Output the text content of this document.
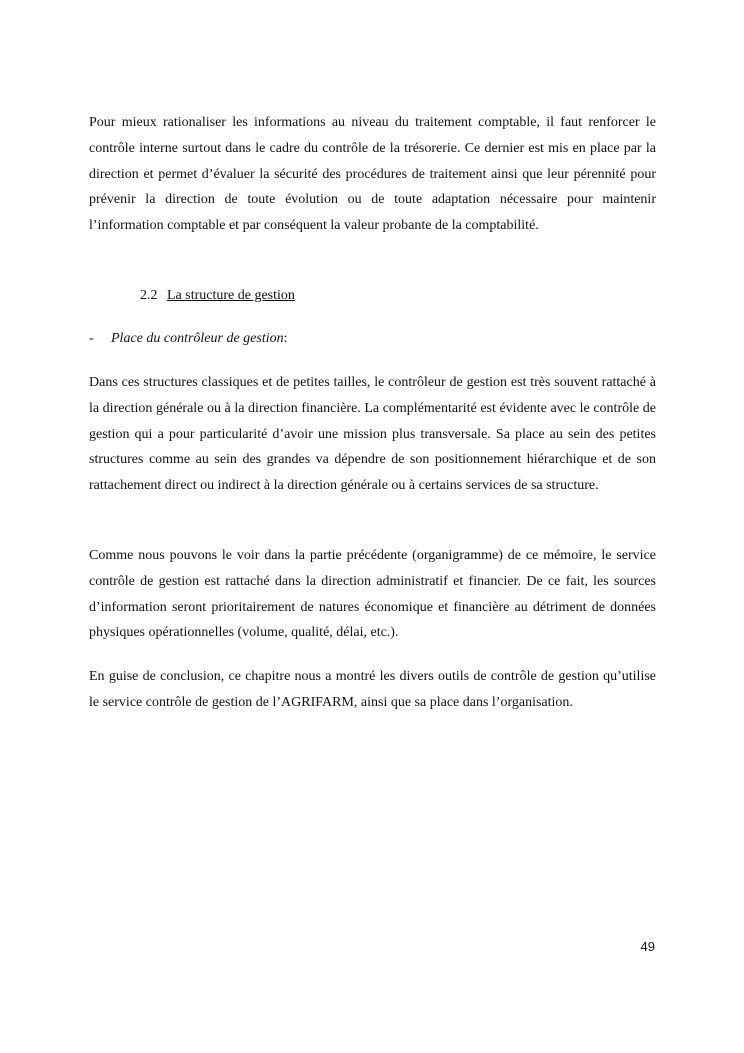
Pour mieux rationaliser les informations au niveau du traitement comptable, il faut renforcer le contrôle interne surtout dans le cadre du contrôle de la trésorerie. Ce dernier est mis en place par la direction et permet d’évaluer la sécurité des procédures de traitement ainsi que leur pérennité pour prévenir la direction de toute évolution ou de toute adaptation nécessaire pour maintenir l’information comptable et par conséquent la valeur probante de la comptabilité.

2.2 La structure de gestion

- Place du contrôleur de gestion:

Dans ces structures classiques et de petites tailles, le contrôleur de gestion est très souvent rattaché à la direction générale ou à la direction financière. La complémentarité est évidente avec le contrôle de gestion qui a pour particularité d’avoir une mission plus transversale. Sa place au sein des petites structures comme au sein des grandes va dépendre de son positionnement hiérarchique et de son rattachement direct ou indirect à la direction générale ou à certains services de sa structure.

Comme nous pouvons le voir dans la partie précédente (organigramme) de ce mémoire, le service contrôle de gestion est rattaché dans la direction administratif et financier. De ce fait, les sources d’information seront prioritairement de natures économique et financière au détriment de données physiques opérationnelles (volume, qualité, délai, etc.).

En guise de conclusion, ce chapitre nous a montré les divers outils de contrôle de gestion qu’utilise le service contrôle de gestion de l’AGRIFARM, ainsi que sa place dans l’organisation.

49
